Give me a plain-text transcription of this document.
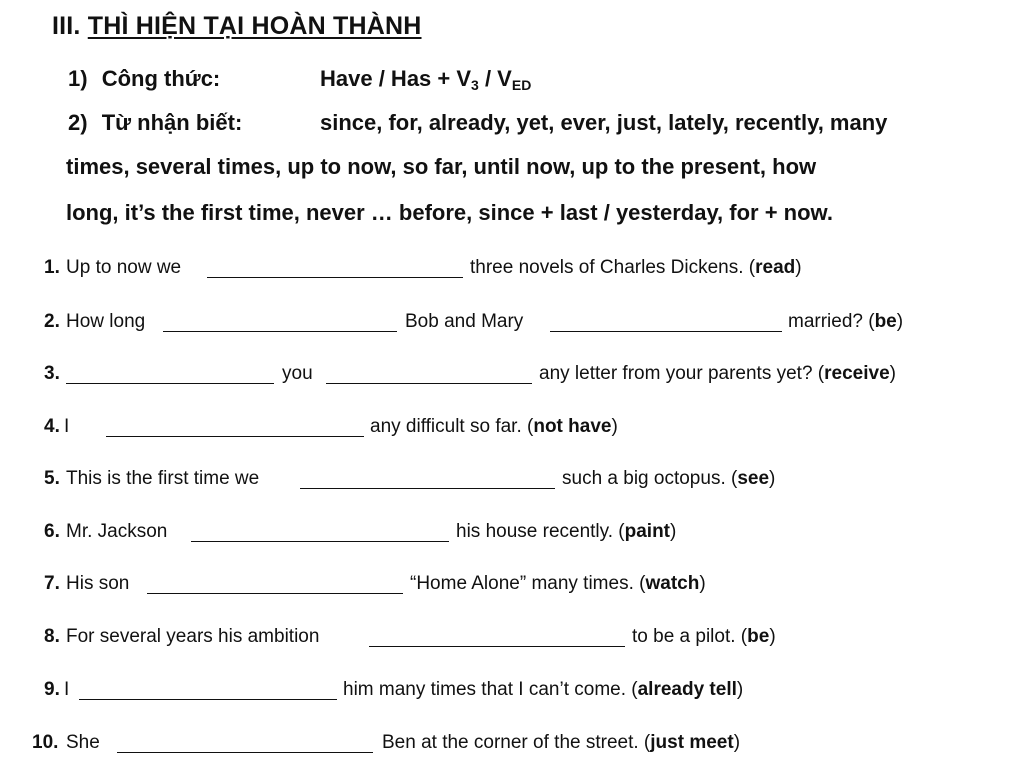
III. THÌ HIỆN TẠI HOÀN THÀNH
1) Công thức:	Have / Has + $V_3 / V_{ED}$
2) Từ nhận biết:	since, for, already, yet, ever, just, lately, recently, many
times, several times, up to now, so far, until now, up to the present, how
long, it’s the first time, never … before, since + last / yesterday, for + now.
1. Up to now we	three novels of Charles Dickens. (read)
2. How long	Bob and Mary	married? (be)
3.	you	any letter from your parents yet? (receive)
4. I	any difficult so far. (not have)
5. This is the first time we	such a big octopus. (see)
6. Mr. Jackson	his house recently. (paint)
7. His son	“Home Alone” many times. (watch)
8. For several years his ambition	to be a pilot. (be)
9. I	him many times that I can’t come. (already tell)
10. She	Ben at the corner of the street. (just meet)
